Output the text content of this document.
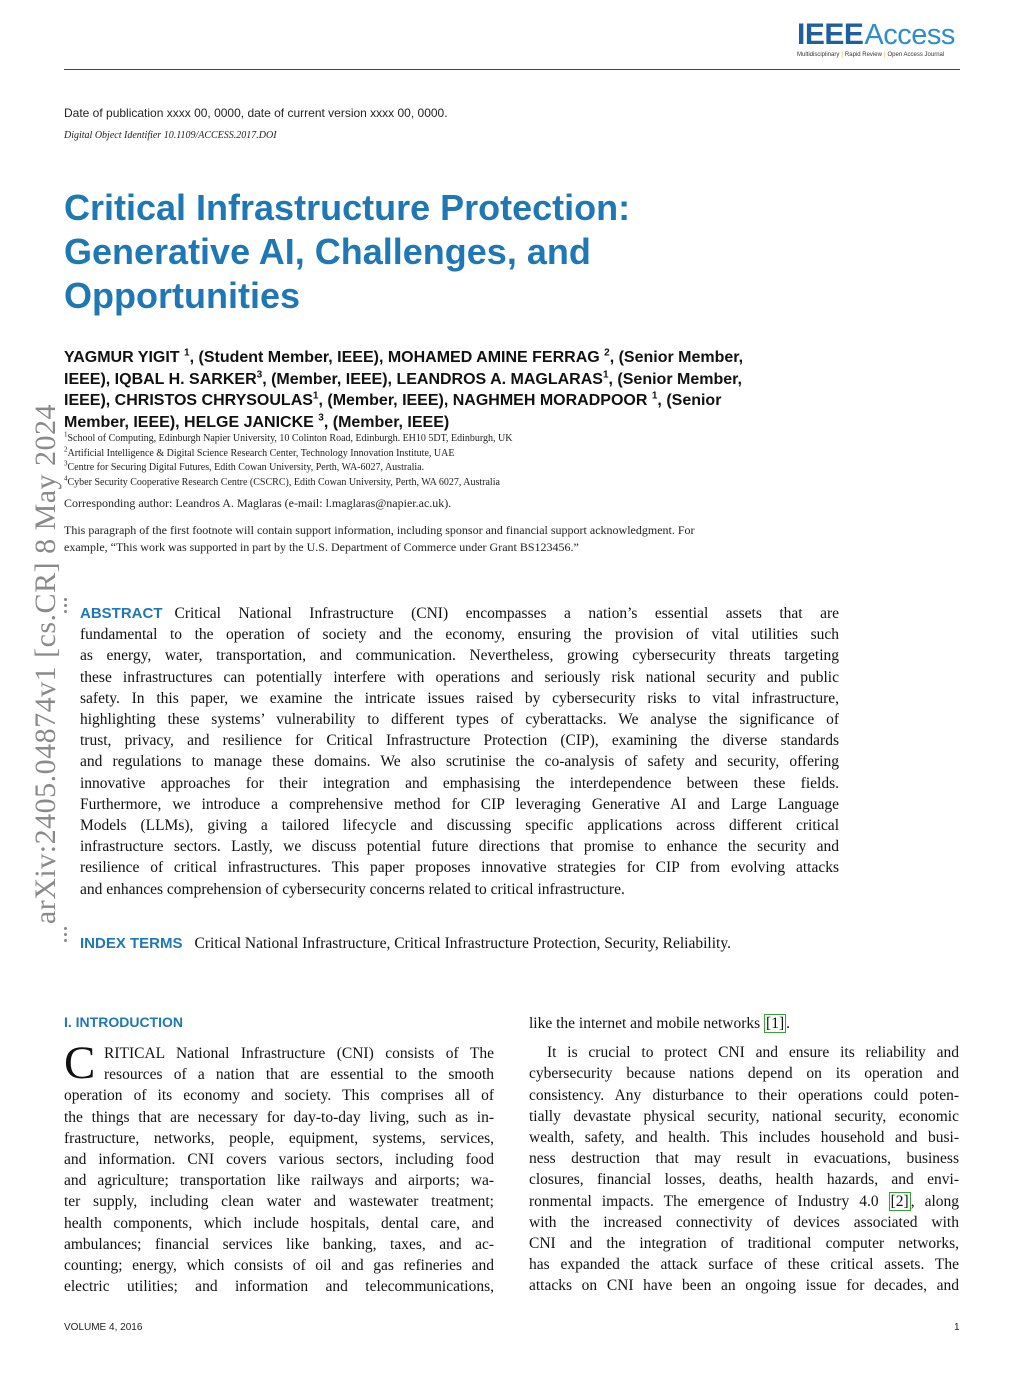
IEEE Access
Multidisciplinary | Rapid Review | Open Access Journal
Date of publication xxxx 00, 0000, date of current version xxxx 00, 0000.
Digital Object Identifier 10.1109/ACCESS.2017.DOI
Critical Infrastructure Protection:
Generative AI, Challenges, and
Opportunities
YAGMUR YIGIT $^1$, (Student Member, IEEE), MOHAMED AMINE FERRAG $^2$, (Senior Member,
IEEE), IQBAL H. SARKER$^3$, (Member, IEEE), LEANDROS A. MAGLARAS$^1$, (Senior Member,
IEEE), CHRISTOS CHRYSOULAS$^1$, (Member, IEEE), NAGHMEH MORADPOOR $^1$, (Senior
Member, IEEE), HELGE JANICKE $^3$, (Member, IEEE)
$^1$School of Computing, Edinburgh Napier University, 10 Colinton Road, Edinburgh. EH10 5DT, Edinburgh, UK
$^2$Artificial Intelligence & Digital Science Research Center, Technology Innovation Institute, UAE
$^3$Centre for Securing Digital Futures, Edith Cowan University, Perth, WA-6027, Australia.
$^4$Cyber Security Cooperative Research Centre (CSCRC), Edith Cowan University, Perth, WA 6027, Australia
Corresponding author: Leandros A. Maglaras (e-mail: l.maglaras@napier.ac.uk).
This paragraph of the first footnote will contain support information, including sponsor and financial support acknowledgment. For
example, “This work was supported in part by the U.S. Department of Commerce under Grant BS123456.”
arXiv:2405.04874v1 [cs.CR] 8 May 2024 ABSTRACT Critical National Infrastructure (CNI) encompasses a nation’s essential assets that are
fundamental to the operation of society and the economy, ensuring the provision of vital utilities such
as energy, water, transportation, and communication. Nevertheless, growing cybersecurity threats targeting
these infrastructures can potentially interfere with operations and seriously risk national security and public
safety. In this paper, we examine the intricate issues raised by cybersecurity risks to vital infrastructure,
highlighting these systems’ vulnerability to different types of cyberattacks. We analyse the significance of
trust, privacy, and resilience for Critical Infrastructure Protection (CIP), examining the diverse standards
and regulations to manage these domains. We also scrutinise the co-analysis of safety and security, offering
innovative approaches for their integration and emphasising the interdependence between these fields.
Furthermore, we introduce a comprehensive method for CIP leveraging Generative AI and Large Language
Models (LLMs), giving a tailored lifecycle and discussing specific applications across different critical
infrastructure sectors. Lastly, we discuss potential future directions that promise to enhance the security and
resilience of critical infrastructures. This paper proposes innovative strategies for CIP from evolving attacks
and enhances comprehension of cybersecurity concerns related to critical infrastructure.
INDEX TERMS Critical National Infrastructure, Critical Infrastructure Protection, Security, Reliability.
I. INTRODUCTION
C RITICAL National Infrastructure (CNI) consists of The
resources of a nation that are essential to the smooth
operation of its economy and society. This comprises all of
the things that are necessary for day-to-day living, such as in-
frastructure, networks, people, equipment, systems, services,
and information. CNI covers various sectors, including food
and agriculture; transportation like railways and airports; wa-
ter supply, including clean water and wastewater treatment;
health components, which include hospitals, dental care, and
ambulances; financial services like banking, taxes, and ac-
counting; energy, which consists of oil and gas refineries and
electric utilities; and information and telecommunications,
like the internet and mobile networks [1] .
It is crucial to protect CNI and ensure its reliability and
cybersecurity because nations depend on its operation and
consistency. Any disturbance to their operations could poten-
tially devastate physical security, national security, economic
wealth, safety, and health. This includes household and busi-
ness destruction that may result in evacuations, business
closures, financial losses, deaths, health hazards, and envi-
ronmental impacts. The emergence of Industry 4.0 [2] , along
with the increased connectivity of devices associated with
CNI and the integration of traditional computer networks,
has expanded the attack surface of these critical assets. The
attacks on CNI have been an ongoing issue for decades, and
VOLUME 4, 2016	1
